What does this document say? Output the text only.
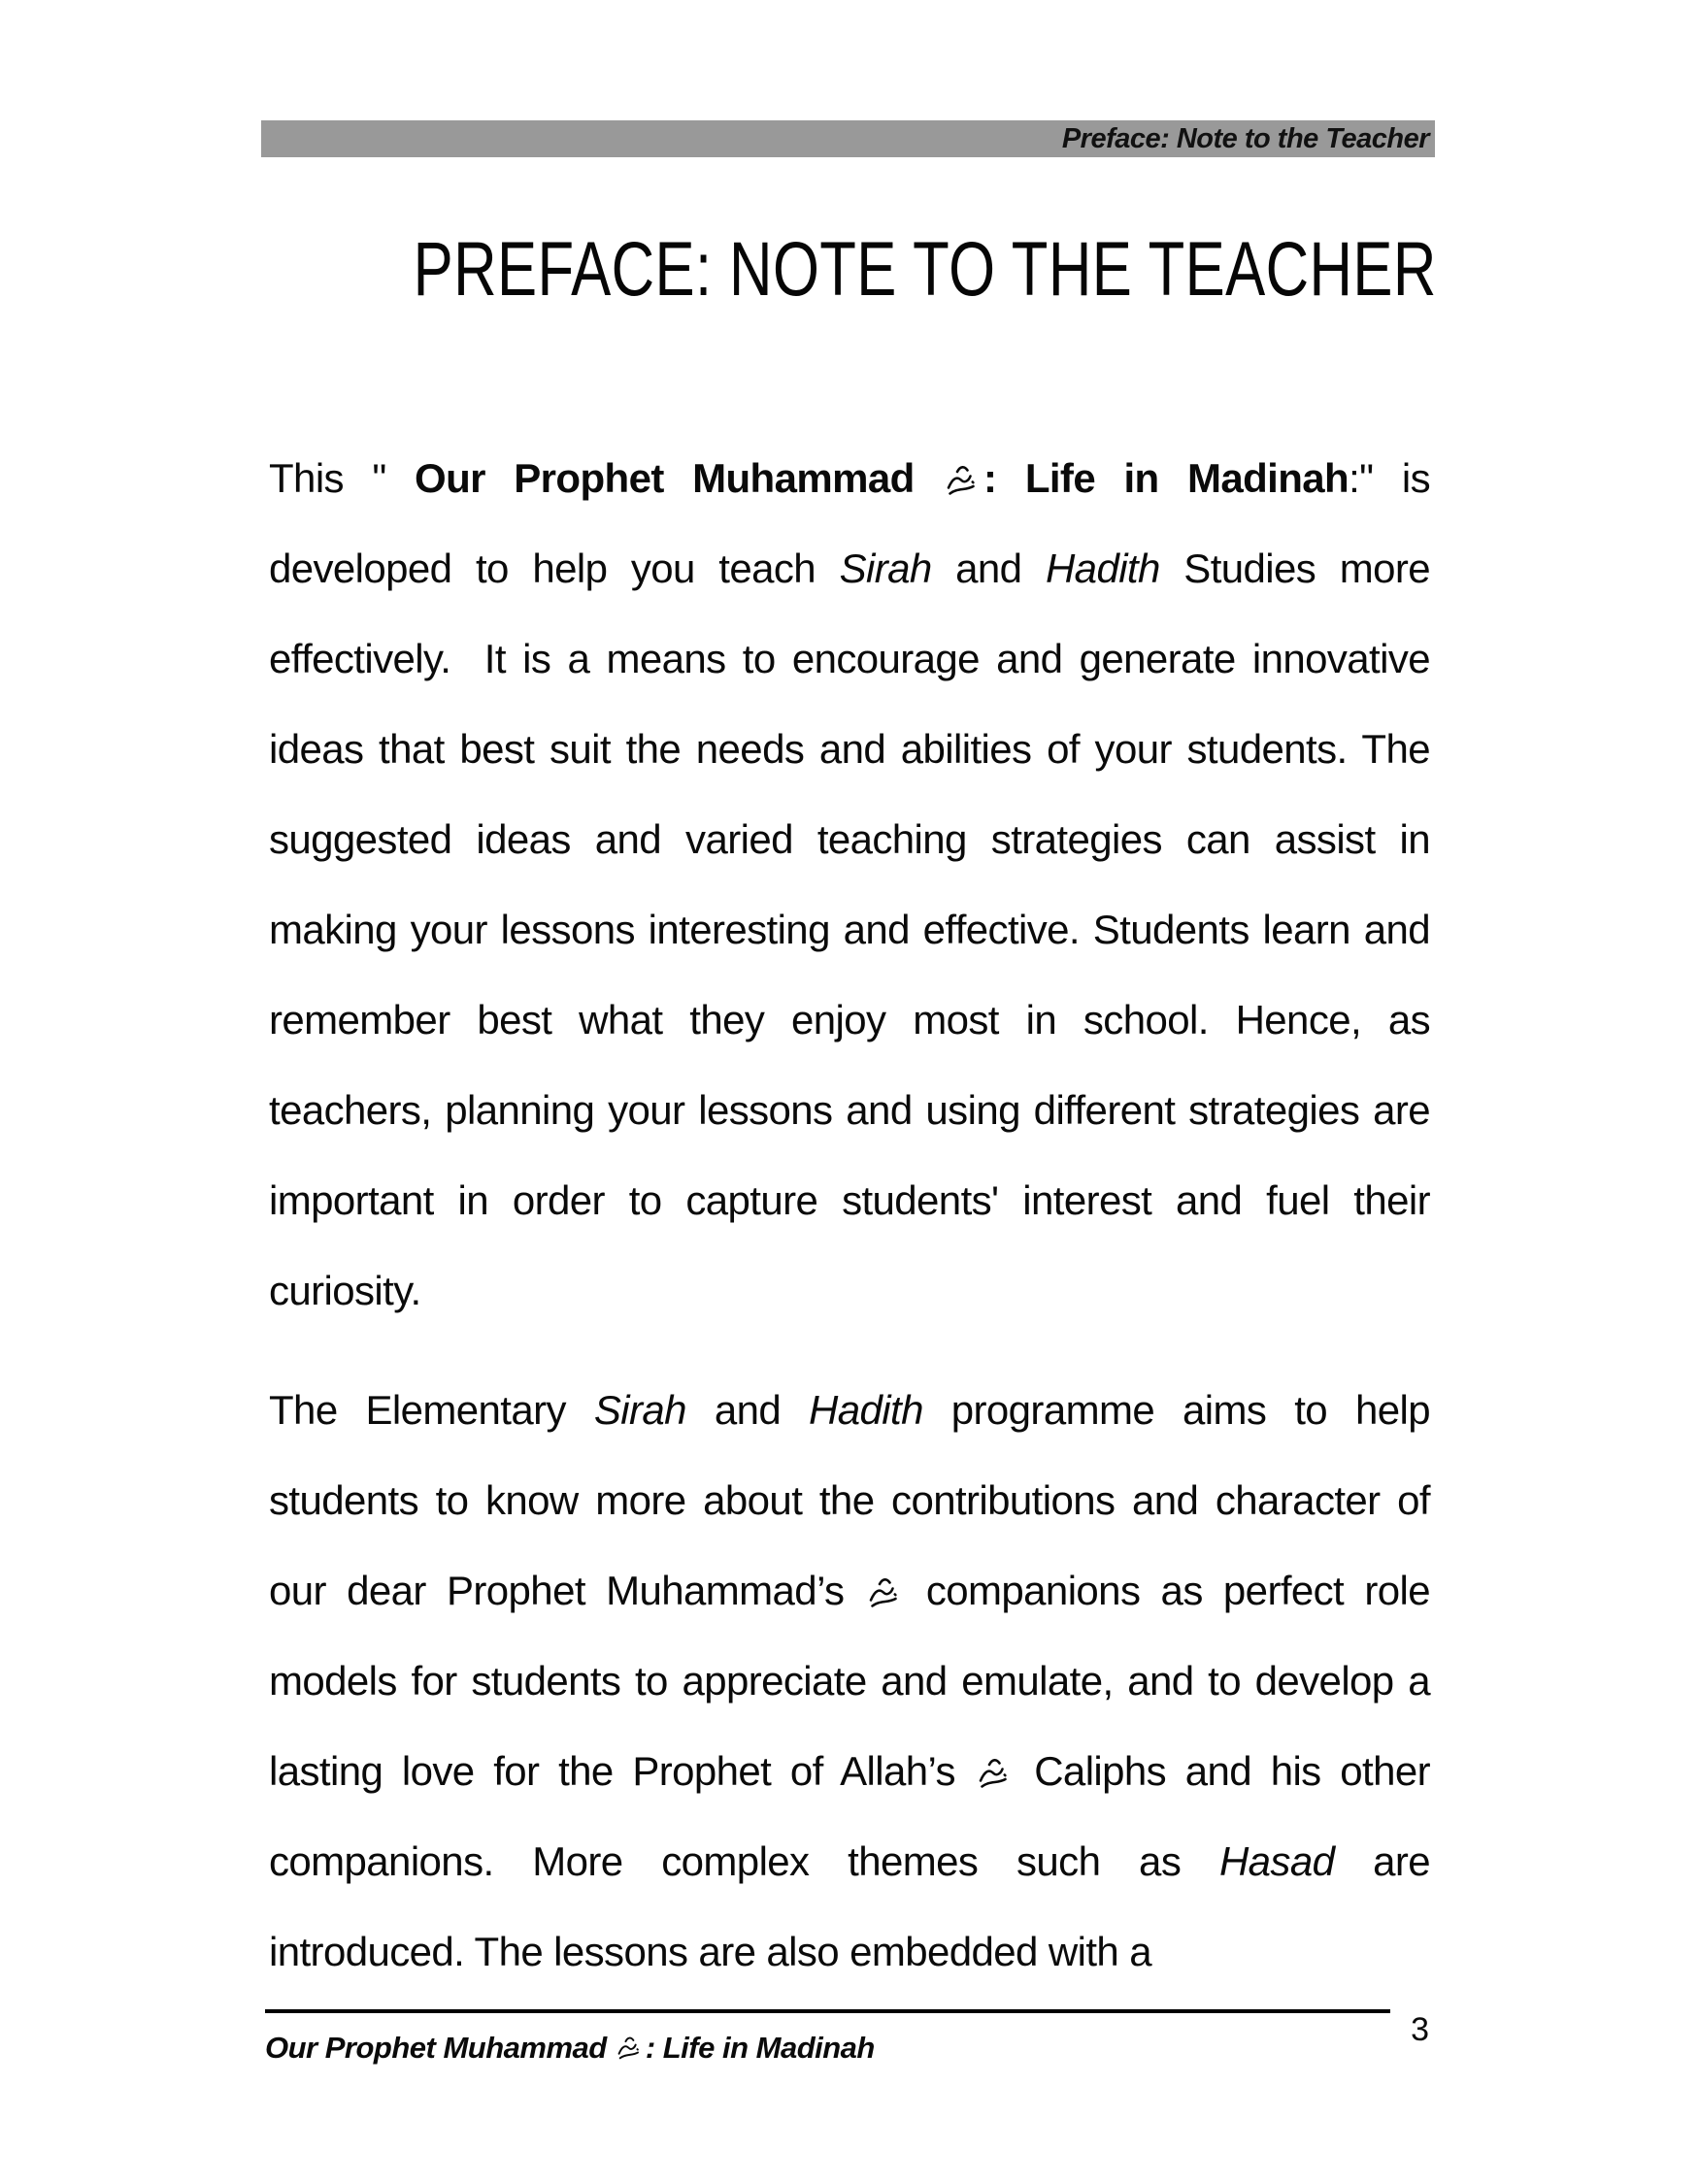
Preface: Note to the Teacher
PREFACE: NOTE TO THE TEACHER

This " Our Prophet Muhammad : Life in Madinah:" is developed to help you teach Sirah and Hadith Studies more effectively.  It is a means to encourage and generate innovative ideas that best suit the needs and abilities of your students. The suggested ideas and varied teaching strategies can assist in making your lessons interesting and effective. Students learn and remember best what they enjoy most in school. Hence, as teachers, planning your lessons and using different strategies are important in order to capture students' interest and fuel their curiosity.

The Elementary Sirah and Hadith programme aims to help students to know more about the contributions and character of our dear Prophet Muhammad’s  companions as perfect role models for students to appreciate and emulate, and to develop a lasting love for the Prophet of Allah’s  Caliphs and his other companions. More complex themes such as Hasad are introduced. The lessons are also embedded with a

3
Our Prophet Muhammad : Life in Madinah
